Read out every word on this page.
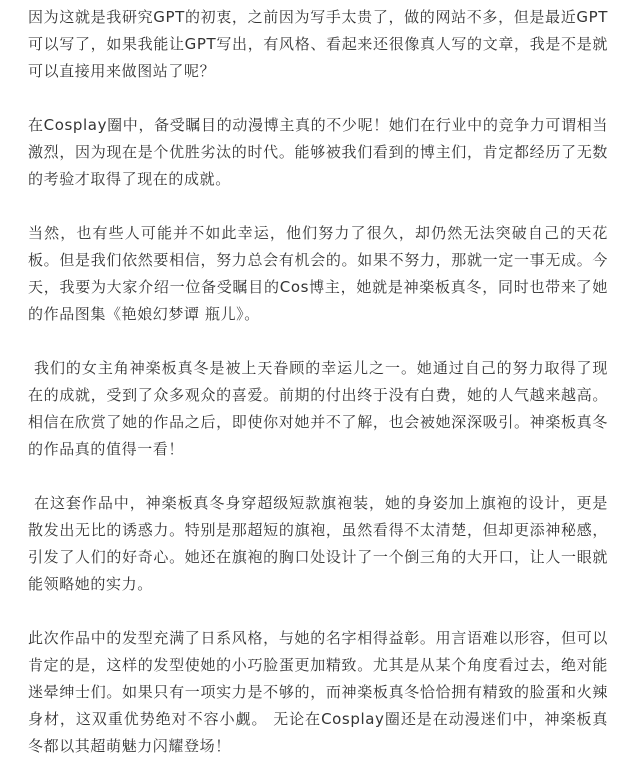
因为这就是我研究GPT的初衷，之前因为写手太贵了，做的网站不多，但是最近GPT可以写了，如果我能让GPT写出，有风格、看起来还很像真人写的文章，我是不是就可以直接用来做图站了呢？

在Cosplay圈中，备受瞩目的动漫博主真的不少呢！她们在行业中的竞争力可谓相当激烈，因为现在是个优胜劣汰的时代。能够被我们看到的博主们，肯定都经历了无数的考验才取得了现在的成就。

当然，也有些人可能并不如此幸运，他们努力了很久，却仍然无法突破自己的天花板。但是我们依然要相信，努力总会有机会的。如果不努力，那就一定一事无成。今天，我要为大家介绍一位备受瞩目的Cos博主，她就是神楽板真冬，同时也带来了她的作品图集《艳娘幻梦谭 瓶儿》。

我们的女主角神楽板真冬是被上天眷顾的幸运儿之一。她通过自己的努力取得了现在的成就，受到了众多观众的喜爱。前期的付出终于没有白费，她的人气越来越高。相信在欣赏了她的作品之后，即使你对她并不了解，也会被她深深吸引。神楽板真冬的作品真的值得一看！

在这套作品中，神楽板真冬身穿超级短款旗袍装，她的身姿加上旗袍的设计，更是散发出无比的诱惑力。特别是那超短的旗袍，虽然看得不太清楚，但却更添神秘感，引发了人们的好奇心。她还在旗袍的胸口处设计了一个倒三角的大开口，让人一眼就能领略她的实力。

此次作品中的发型充满了日系风格，与她的名字相得益彰。用言语难以形容，但可以肯定的是，这样的发型使她的小巧脸蛋更加精致。尤其是从某个角度看过去，绝对能迷晕绅士们。如果只有一项实力是不够的，而神楽板真冬恰恰拥有精致的脸蛋和火辣身材，这双重优势绝对不容小觑。 无论在Cosplay圈还是在动漫迷们中，神楽板真冬都以其超萌魅力闪耀登场！
